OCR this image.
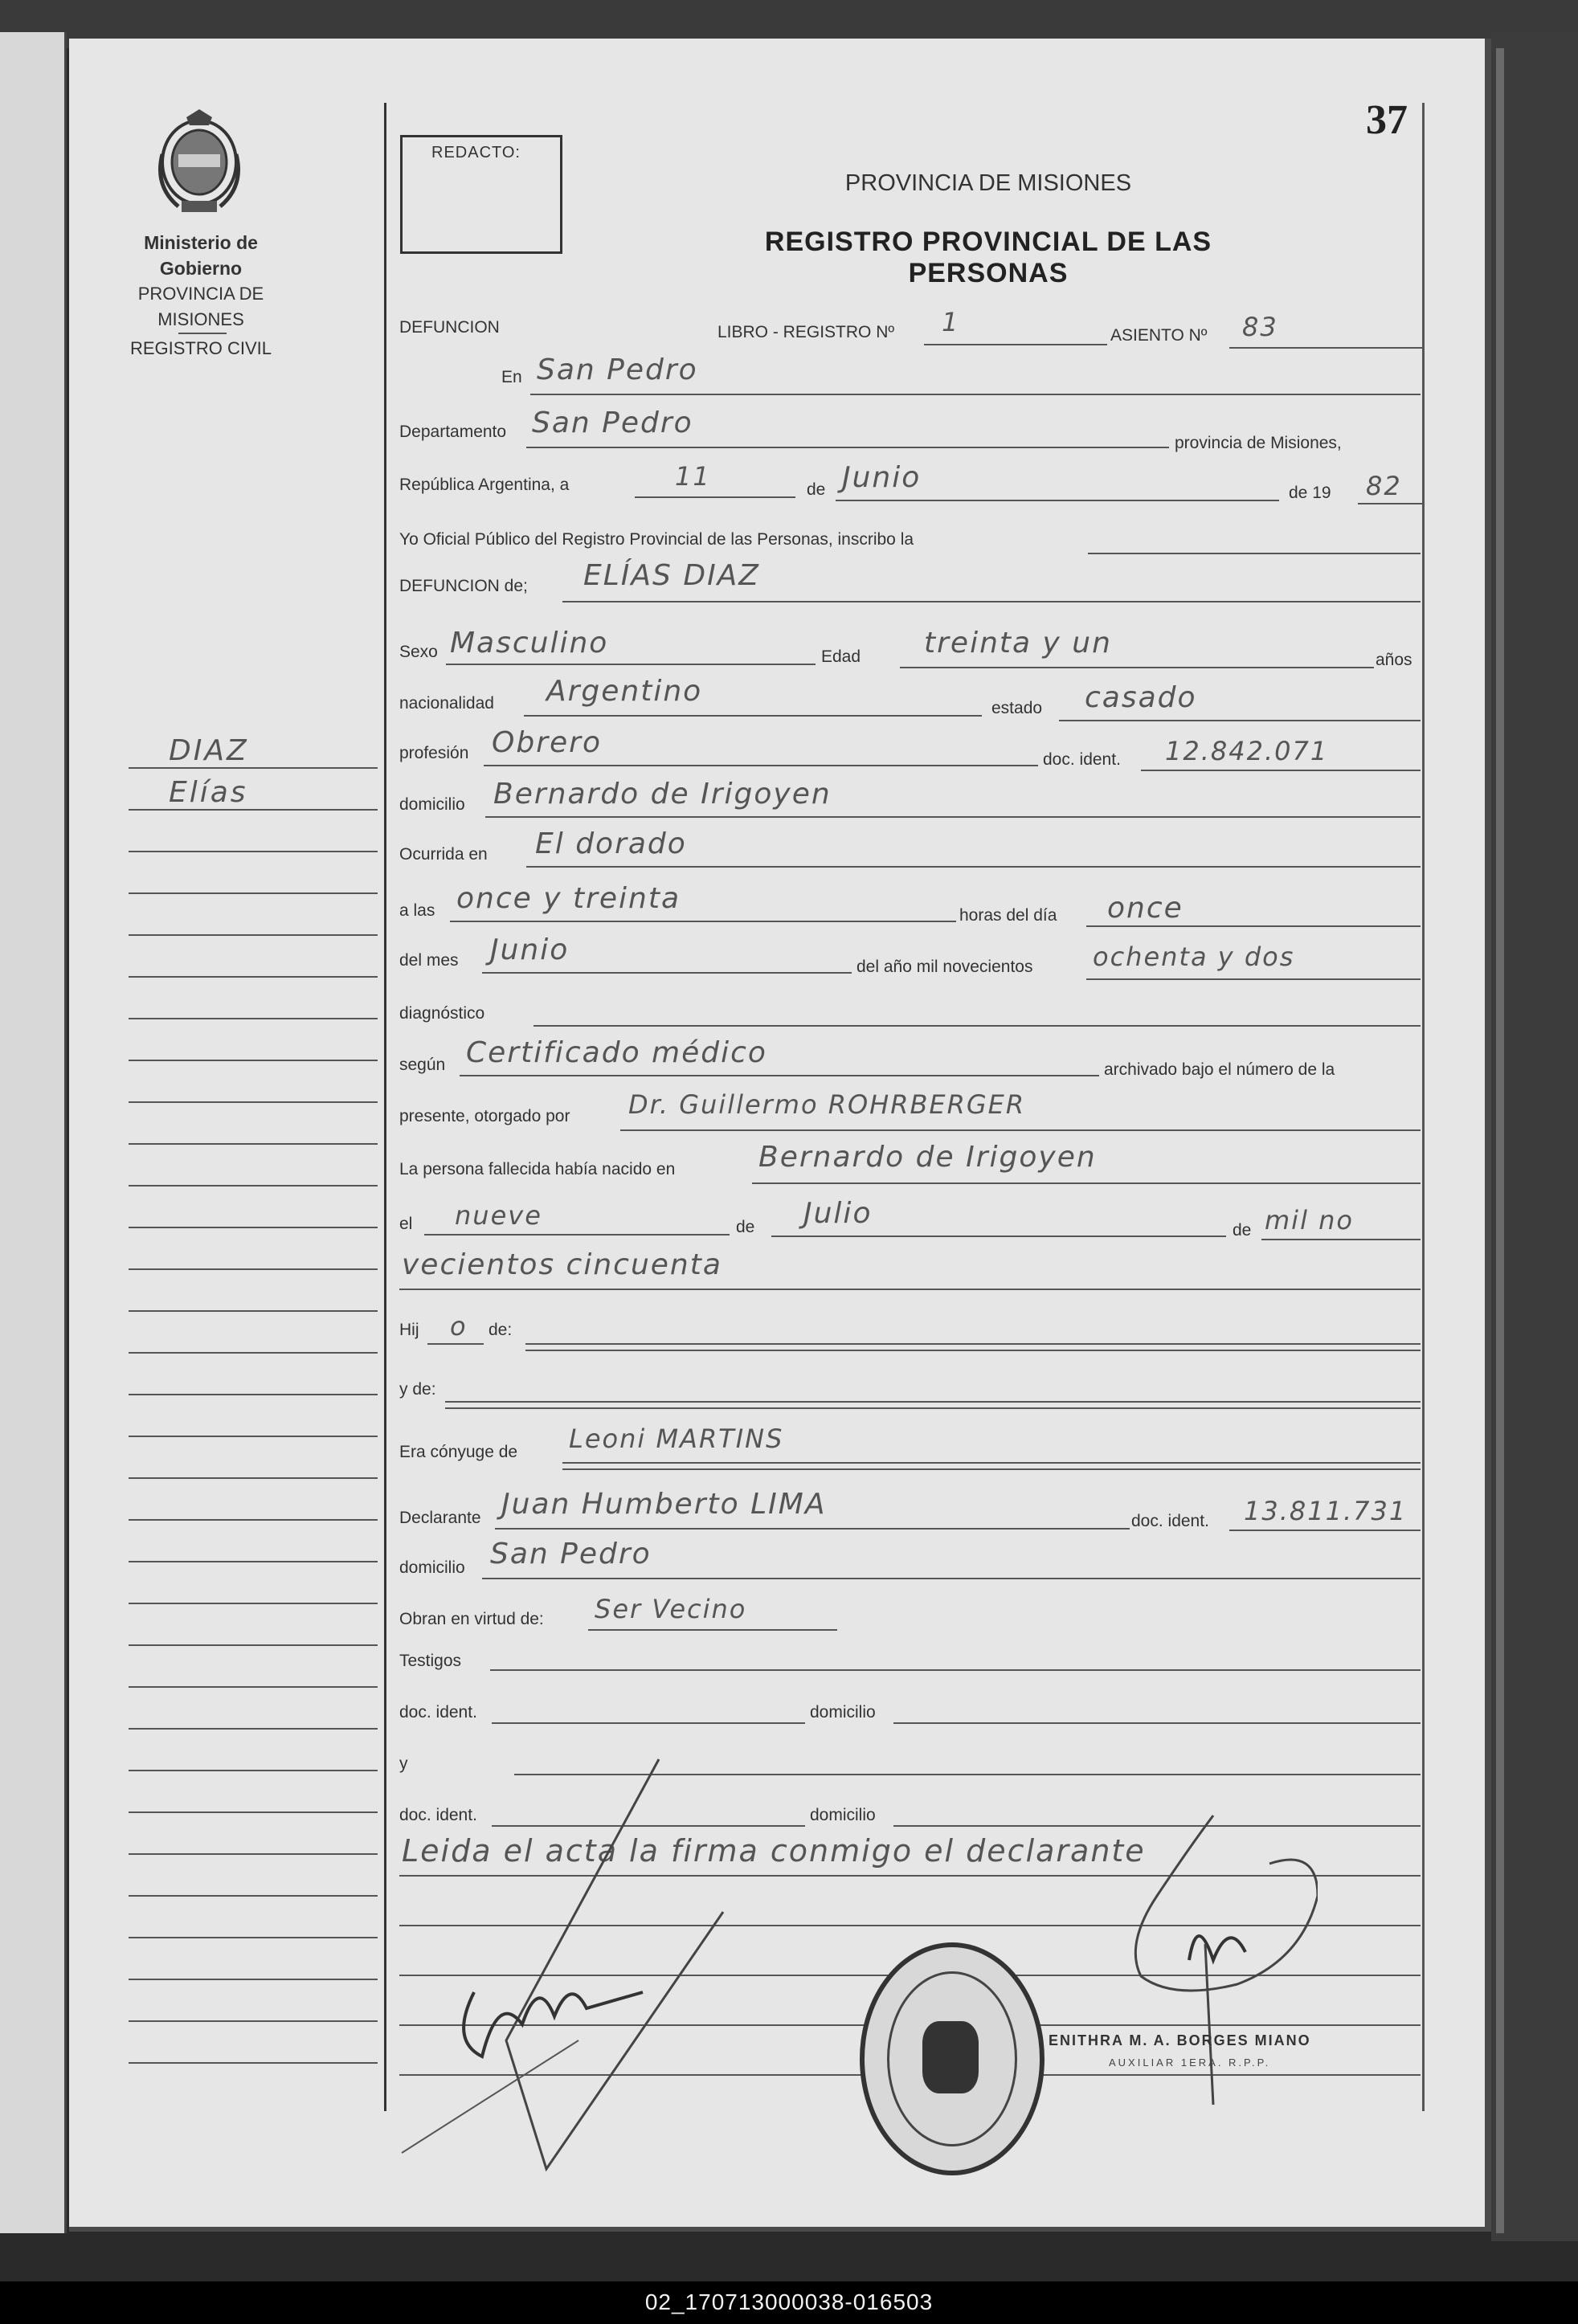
37
Ministerio de Gobierno
PROVINCIA DE MISIONES
REGISTRO CIVIL
DIAZ
Elías
REDACTO:
PROVINCIA DE MISIONES
REGISTRO PROVINCIAL DE LAS PERSONAS
DEFUNCION	LIBRO - REGISTRO Nº 1	ASIENTO Nº 83
En San Pedro
Departamento San Pedro
provincia de Misiones,
República Argentina, a	11	de Junio	de 19 82
Yo Oficial Público del Registro Provincial de las Personas, inscribo la
DEFUNCION de; ELÍAS DIAZ
Sexo Masculino	Edad treinta y un
años
nacionalidad Argentino
estado casado
profesión Obrero
doc. ident. 12.842.071
domicilio Bernardo de Irigoyen
Ocurrida en El dorado
a las once y treinta
horas del día once
del mes Junio
del año mil novecientos ochenta y dos
diagnóstico
según Certificado médico
archivado bajo el número de la
presente, otorgado por Dr. Guillermo ROHRBERGER
La persona fallecida había nacido en	Bernardo de Irigoyen
el nueve	de Julio
de mil no
vecientos cincuenta
Hij o de:
y de:
Era cónyuge de Leoni MARTINS
Declarante Juan Humberto LIMA
doc. ident. 13.811.731
domicilio San Pedro
Obran en virtud de: Ser Vecino
Testigos
doc. ident.	domicilio
y
doc. ident.	domicilio
Leida el acta la firma conmigo el declarante
ENITHRA M. A. BORGES MIANO
AUXILIAR 1ERA. R.P.P.
02_170713000038-016503
